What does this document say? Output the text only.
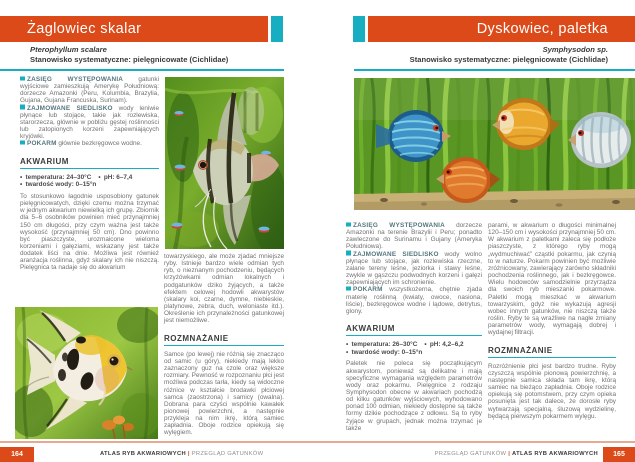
Żaglowiec skalar
Pterophyllum scalare
Stanowisko systematyczne: pielęgnicowate (Cichlidae)

ZASIĘG WYSTĘPOWANIA gatunki wyjściowe zamieszkują Amerykę Południową: dorzecze Amazonki (Peru, Kolumbia, Brazylia, Gujana, Gujana Francuska, Surinam).

ZAJMOWANE SIEDLISKO wody leniwie płynące lub stojące, takie jak rozlewiska, starorzecza, głównie w pobliżu gęstej roślinności lub zatopionych korzeni zapewniających kryjówki.

POKARM głównie bezkręgowce wodne.

AKWARIUM

• temperatura: 24–30°C • pH: 6–7,4
• twardość wody: 0–15°n

To stosunkowo łagodnie usposobiony gatunek pielęgnicowatych, dzięki czemu można trzymać w jednym akwarium niewielką ich grupę. Zbiornik dla 5–6 osobników powinien mieć przynajmniej 150 cm długości, przy czym ważna jest także wysokość (przynajmniej 50 cm). Dno powinno być piaszczyste, urozmaicone wieloma korzeniami i gałęziami, wskazany jest także dodatek liści na dnie. Możliwa jest również aranżacja roślinna, gdyż skalary ich nie niszczą. Pielęgnica ta nadaje się do akwarium

towarzyskiego, ale może zjadać mniejsze ryby. Istnieje bardzo wiele odmian tych ryb, o nieznanym pochodzeniu, będących krzyżówkami odmian lokalnych i podgatunków dziko żyjących, a także efektem celowej hodowli akwarystów (skalary koi, czarne, dymne, niebieskie, platynowe, zebra, duch, weloniaste itd.). Określenie ich przynależności gatunkowej jest niemożliwe.

ROZMNAŻANIE

Samce (po lewej) nie różnią się znacząco od samic (u góry), niekiedy mają lekko zaznaczony guz na czole oraz większe rozmiary. Pewność w rozpoznaniu płci jest możliwa podczas tarła, kiedy są widoczne różnice w kształcie brodawki płciowej samca (zaostrzona) i samicy (owalna). Dobrana para czyści wspólnie kawałek pionowej powierzchni, a następnie przykleja na nim ikrę, którą samiec zapładnia. Oboje rodzice opiekują się wylęgiem.

164	ATLAS RYB AKWARIOWYCH | PRZEGLĄD GATUNKÓW
Dyskowiec, paletka
Symphysodon sp.
Stanowisko systematyczne: pielęgnicowate (Cichlidae)

ZASIĘG WYSTĘPOWANIA dorzecze Amazonki na terenie Brazylii i Peru; ponadto zawleczone do Surinamu i Gujany (Ameryka Południowa).

ZAJMOWANE SIEDLISKO wody wolno płynące lub stojące, jak rozlewiska rzeczne, zalane tereny leśne, jeziorka i stawy leśne, zwykle w gąszczu podwodnych korzeni i gałęzi zapewniających im schronienie.

POKARM wszystkożerna, chętnie zjada materię roślinną (kwiaty, owoce, nasiona, liście), bezkręgowce wodne i lądowe, detrytus, glony.

AKWARIUM

• temperatura: 26–30°C • pH: 4,2–6,2
• twardość wody: 0–15°n

Paletek nie poleca się początkującym akwarystom, ponieważ są delikatne i mają specyficzne wymagania względem parametrów wody oraz pokarmu. Pielęgnice z rodzaju Symphysodon obecne w akwariach pochodzą od kilku gatunków wyjściowych, wyhodowano ponad 100 odmian, niekiedy dostępne są także formy dzikie pochodzące z odłowu. Są to ryby żyjące w grupach, jednak można trzymać je także

parami, w akwarium o długości minimalnej 120–150 cm i wysokości przynajmniej 50 cm. W akwarium z paletkami zaleca się podłoże piaszczyste, z którego ryby mogą „wydmuchiwać” cząstki pokarmu, jak czynią to w naturze. Pokarm powinien być możliwie zróżnicowany, zawierający zarówno składniki pochodzenia roślinnego, jak i bezkręgowce. Wielu hodowców samodzielnie przyrządza dla swoich ryb mieszanki pokarmowe. Paletki mogą mieszkać w akwarium towarzyskim, gdyż nie wykazują agresji wobec innych gatunków, nie niszczą także roślin. Ryby te są wrażliwe na nagłe zmiany parametrów wody, wymagają dobrej i wydajnej filtracji.

ROZMNAŻANIE

Rozróżnienie płci jest bardzo trudne. Ryby czyszczą wspólnie pionową powierzchnię, a następnie samica składa tam ikrę, którą samiec na bieżąco zapładnia. Oboje rodzice opiekują się potomstwem, przy czym opieka posunięta jest tak dalece, że dorosłe ryby wytwarzają specjalną, śluzową wydzielinę, będącą pierwszym pokarmem wylęgu.

PRZEGLĄD GATUNKÓW | ATLAS RYB AKWARIOWYCH	165
